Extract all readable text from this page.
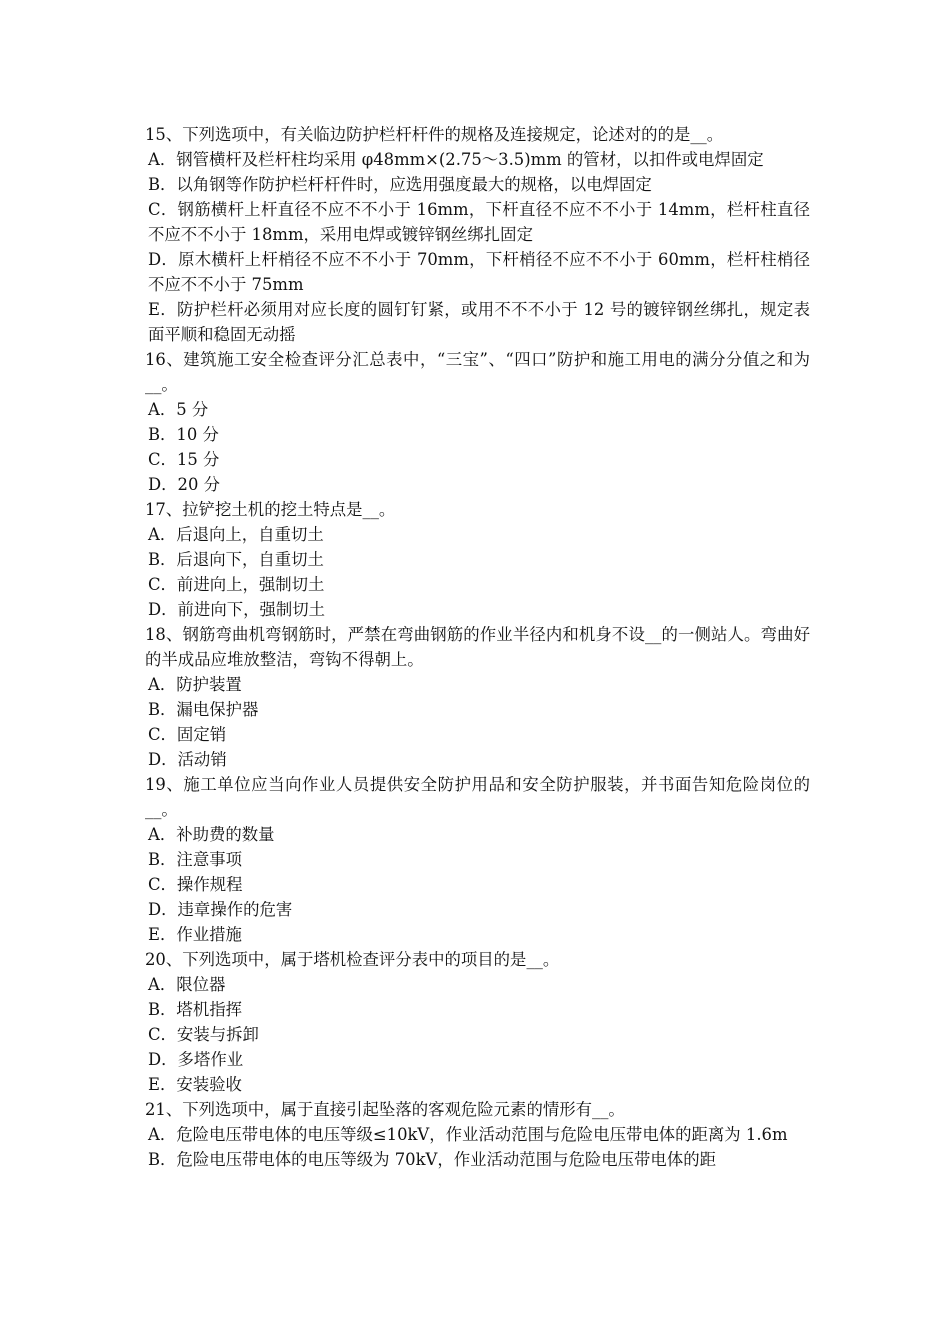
15、下列选项中，有关临边防护栏杆杆件的规格及连接规定，论述对的的是__。

A．钢管横杆及栏杆柱均采用 φ48mm×(2.75～3.5)mm 的管材，以扣件或电焊固定

B．以角钢等作防护栏杆杆件时，应选用强度最大的规格，以电焊固定

C．钢筋横杆上杆直径不应不不小于 16mm，下杆直径不应不不小于 14mm，栏杆柱直径不应不不小于 18mm，采用电焊或镀锌钢丝绑扎固定

D．原木横杆上杆梢径不应不不小于 70mm，下杆梢径不应不不小于 60mm，栏杆柱梢径不应不不小于 75mm

E．防护栏杆必须用对应长度的圆钉钉紧，或用不不不小于 12 号的镀锌钢丝绑扎，规定表面平顺和稳固无动摇

16、建筑施工安全检查评分汇总表中，“三宝”、“四口”防护和施工用电的满分分值之和为__。

A．5 分

B．10 分

C．15 分

D．20 分

17、拉铲挖土机的挖土特点是__。

A．后退向上，自重切土

B．后退向下，自重切土

C．前进向上，强制切土

D．前进向下，强制切土

18、钢筋弯曲机弯钢筋时，严禁在弯曲钢筋的作业半径内和机身不设__的一侧站人。弯曲好的半成品应堆放整洁，弯钩不得朝上。

A．防护装置

B．漏电保护器

C．固定销

D．活动销

19、施工单位应当向作业人员提供安全防护用品和安全防护服装，并书面告知危险岗位的__。

A．补助费的数量

B．注意事项

C．操作规程

D．违章操作的危害

E．作业措施

20、下列选项中，属于塔机检查评分表中的项目的是__。

A．限位器

B．塔机指挥

C．安装与拆卸

D．多塔作业

E．安装验收

21、下列选项中，属于直接引起坠落的客观危险元素的情形有__。

A．危险电压带电体的电压等级≤10kV，作业活动范围与危险电压带电体的距离为 1.6m

B．危险电压带电体的电压等级为 70kV，作业活动范围与危险电压带电体的距
